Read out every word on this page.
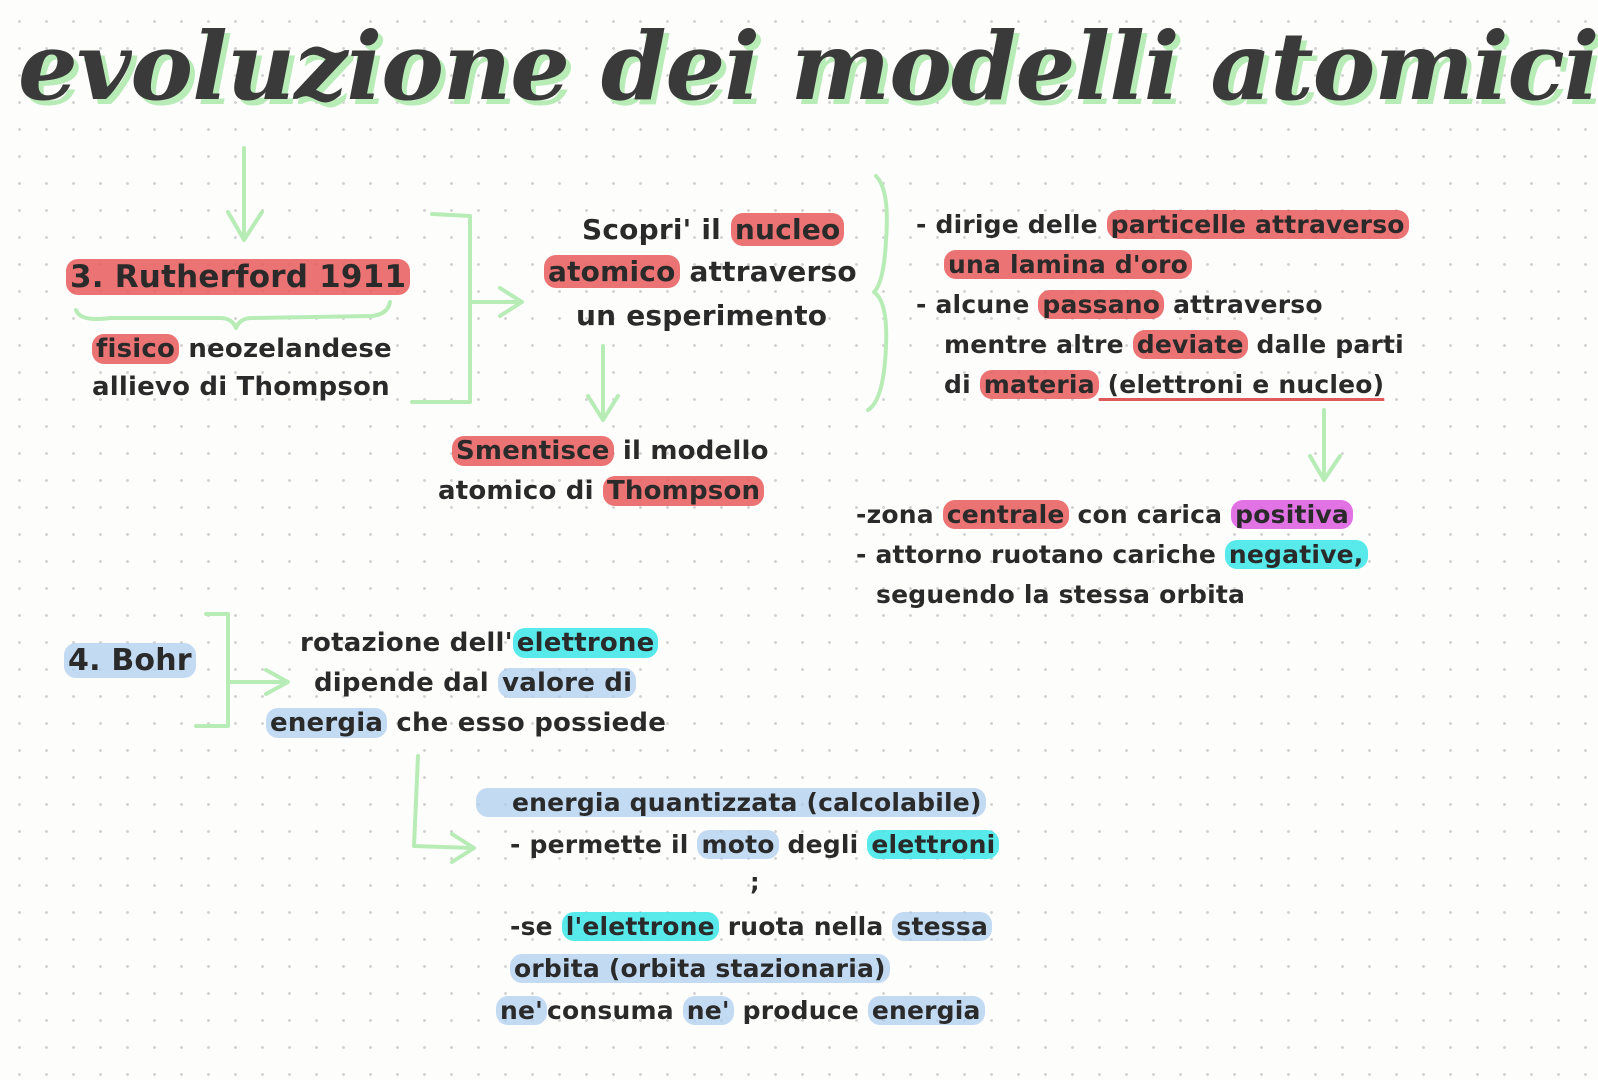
evoluzione dei modelli atomici
3. Rutherford 1911
fisico neozelandese
allievo di Thompson
Scopri' il nucleo
atomico attraverso
un esperimento
Smentisce il modello
atomico di Thompson
- dirige delle particelle attraverso
una lamina d'oro
- alcune passano attraverso
mentre altre deviate dalle parti
di materia (elettroni e nucleo)
-zona centrale con carica positiva
- attorno ruotano cariche negative,
seguendo la stessa orbita
4. Bohr	rotazione dell' elettrone
dipende dal valore di
energia che esso possiede
energia quantizzata (calcolabile)
- permette il moto degli elettroni
;
-se l'elettrone ruota nella stessa
orbita (orbita stazionaria)
ne' consuma ne' produce energia
